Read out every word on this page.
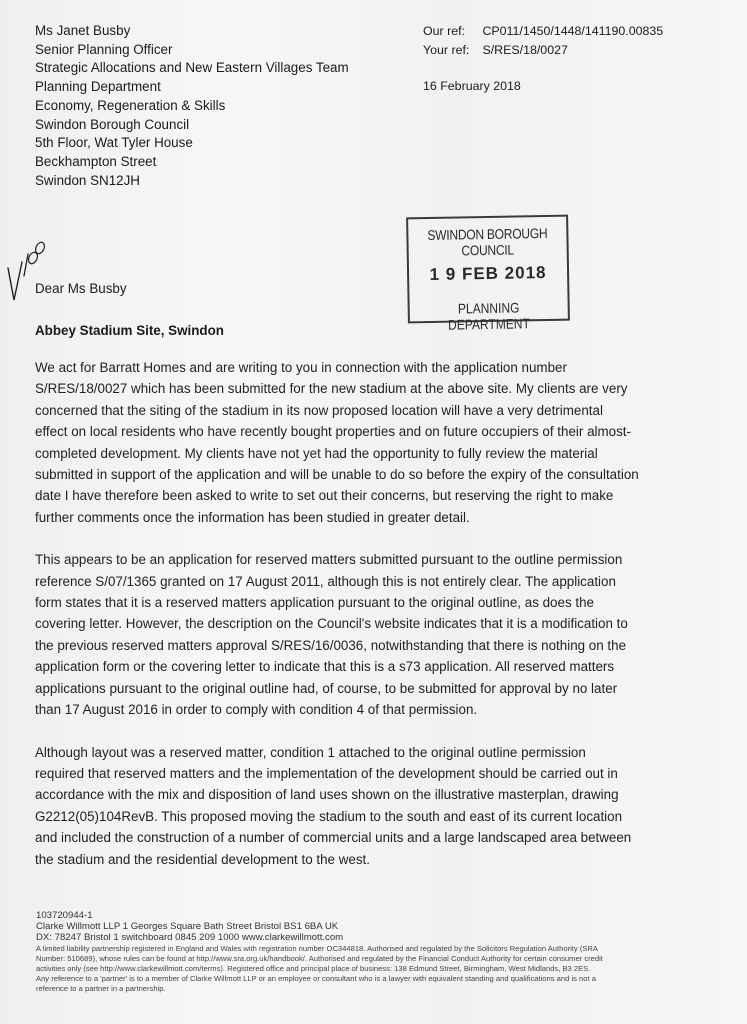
Ms Janet Busby
Senior Planning Officer
Strategic Allocations and New Eastern Villages Team
Planning Department
Economy, Regeneration & Skills
Swindon Borough Council
5th Floor, Wat Tyler House
Beckhampton Street
Swindon SN12JH
Our ref: CP011/1450/1448/141190.00835
Your ref: S/RES/18/0027
16 February 2018
SWINDON BOROUGH COUNCIL
1 9 FEB 2018
PLANNING DEPARTMENT
Dear Ms Busby
Abbey Stadium Site, Swindon
We act for Barratt Homes and are writing to you in connection with the application number
S/RES/18/0027 which has been submitted for the new stadium at the above site. My clients are very
concerned that the siting of the stadium in its now proposed location will have a very detrimental
effect on local residents who have recently bought properties and on future occupiers of their almost-
completed development. My clients have not yet had the opportunity to fully review the material
submitted in support of the application and will be unable to do so before the expiry of the consultation
date I have therefore been asked to write to set out their concerns, but reserving the right to make
further comments once the information has been studied in greater detail.
This appears to be an application for reserved matters submitted pursuant to the outline permission
reference S/07/1365 granted on 17 August 2011, although this is not entirely clear. The application
form states that it is a reserved matters application pursuant to the original outline, as does the
covering letter. However, the description on the Council's website indicates that it is a modification to
the previous reserved matters approval S/RES/16/0036, notwithstanding that there is nothing on the
application form or the covering letter to indicate that this is a s73 application. All reserved matters
applications pursuant to the original outline had, of course, to be submitted for approval by no later
than 17 August 2016 in order to comply with condition 4 of that permission.
Although layout was a reserved matter, condition 1 attached to the original outline permission
required that reserved matters and the implementation of the development should be carried out in
accordance with the mix and disposition of land uses shown on the illustrative masterplan, drawing
G2212(05)104RevB. This proposed moving the stadium to the south and east of its current location
and included the construction of a number of commercial units and a large landscaped area between
the stadium and the residential development to the west.
103720944-1
Clarke Willmott LLP 1 Georges Square Bath Street Bristol BS1 6BA UK
DX: 78247 Bristol 1 switchboard 0845 209 1000 www.clarkewillmott.com
A limited liability partnership registered in England and Wales with registration number OC344818. Authorised and regulated by the Solicitors Regulation Authority (SRA
Number: 510689), whose rules can be found at http://www.sra.org.uk/handbook/. Authorised and regulated by the Financial Conduct Authority for certain consumer credit
activities only (see http://www.clarkewillmott.com/terms). Registered office and principal place of business: 138 Edmund Street, Birmingham, West Midlands, B3 2ES.
Any reference to a 'partner' is to a member of Clarke Willmott LLP or an employee or consultant who is a lawyer with equivalent standing and qualifications and is not a
reference to a partner in a partnership.
